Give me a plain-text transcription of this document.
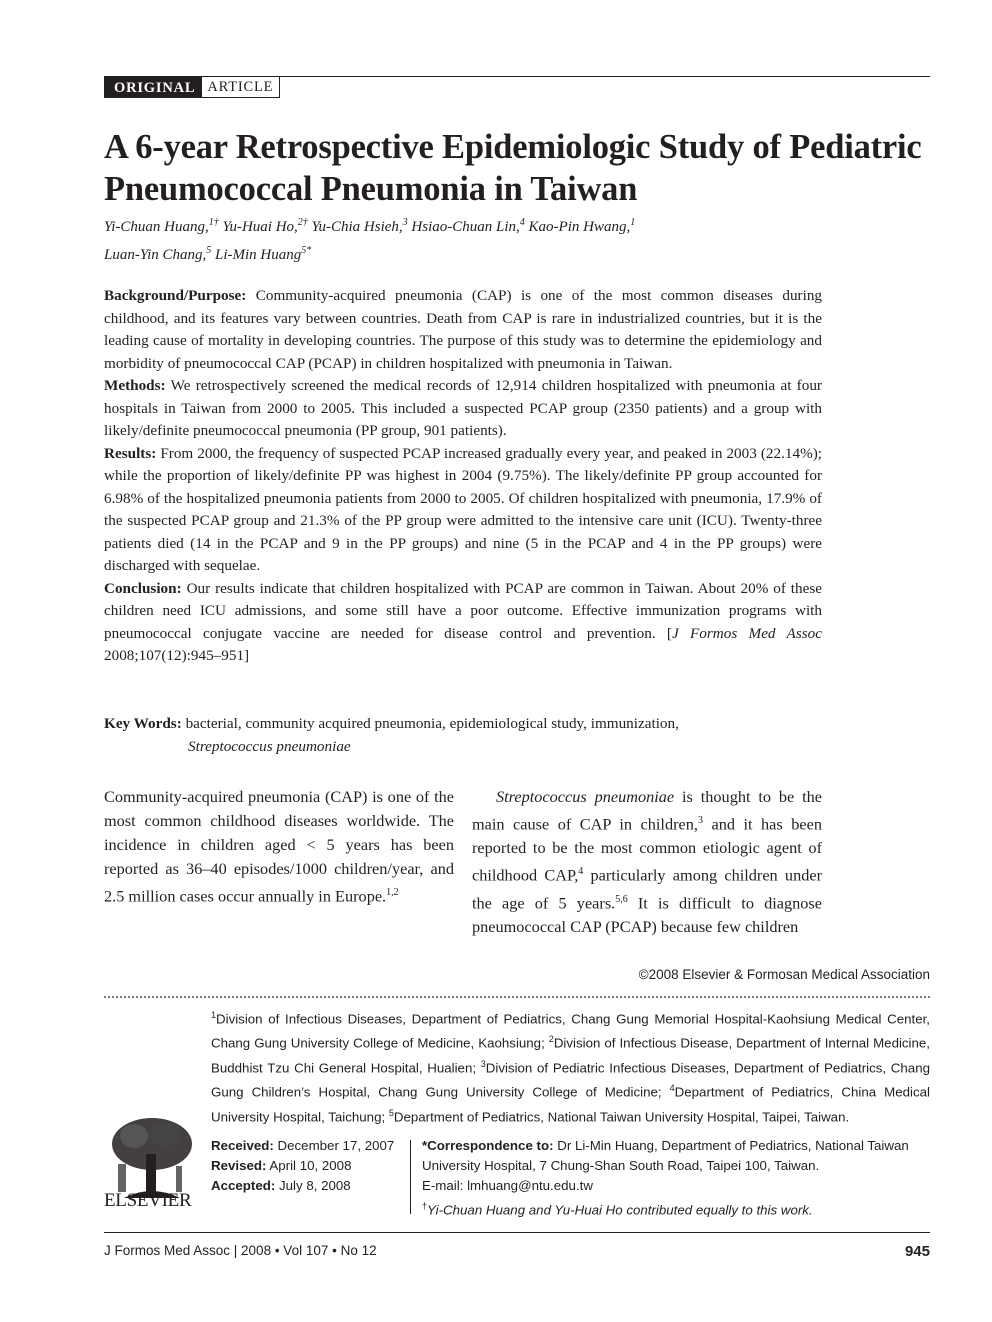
ORIGINAL ARTICLE
A 6-year Retrospective Epidemiologic Study of Pediatric Pneumococcal Pneumonia in Taiwan
Yi-Chuan Huang,$^{1\dagger}$ Yu-Huai Ho,$^{2\dagger}$ Yu-Chia Hsieh,$^3$ Hsiao-Chuan Lin,$^4$ Kao-Pin Hwang,$^1$
Luan-Yin Chang,$^5$ Li-Min Huang$^{5*}$

Background/Purpose: Community-acquired pneumonia (CAP) is one of the most common diseases during childhood, and its features vary between countries. Death from CAP is rare in industrialized countries, but it is the leading cause of mortality in developing countries. The purpose of this study was to determine the epidemiology and morbidity of pneumococcal CAP (PCAP) in children hospitalized with pneumonia in Taiwan.

Methods: We retrospectively screened the medical records of 12,914 children hospitalized with pneumonia at four hospitals in Taiwan from 2000 to 2005. This included a suspected PCAP group (2350 patients) and a group with likely/definite pneumococcal pneumonia (PP group, 901 patients).

Results: From 2000, the frequency of suspected PCAP increased gradually every year, and peaked in 2003 (22.14%); while the proportion of likely/definite PP was highest in 2004 (9.75%). The likely/definite PP group accounted for 6.98% of the hospitalized pneumonia patients from 2000 to 2005. Of children hospitalized with pneumonia, 17.9% of the suspected PCAP group and 21.3% of the PP group were admitted to the intensive care unit (ICU). Twenty-three patients died (14 in the PCAP and 9 in the PP groups) and nine (5 in the PCAP and 4 in the PP groups) were discharged with sequelae.

Conclusion: Our results indicate that children hospitalized with PCAP are common in Taiwan. About 20% of these children need ICU admissions, and some still have a poor outcome. Effective immunization programs with pneumococcal conjugate vaccine are needed for disease control and prevention. [J Formos Med Assoc 2008;107(12):945–951]

Key Words: bacterial, community acquired pneumonia, epidemiological study, immunization,
Streptococcus pneumoniae
Community-acquired pneumonia (CAP) is one of the most common childhood diseases worldwide. The incidence in children aged < 5 years has been reported as 36–40 episodes/1000 children/year, and 2.5 million cases occur annually in Europe.$^{1,2}$
Streptococcus pneumoniae is thought to be the main cause of CAP in children,$^3$ and it has been reported to be the most common etiologic agent of childhood CAP,$^4$ particularly among children under the age of 5 years.$^{5,6}$ It is difficult to diagnose pneumococcal CAP (PCAP) because few children
©2008 Elsevier & Formosan Medical Association
$^1$Division of Infectious Diseases, Department of Pediatrics, Chang Gung Memorial Hospital-Kaohsiung Medical Center, Chang Gung University College of Medicine, Kaohsiung; $^2$Division of Infectious Disease, Department of Internal Medicine, Buddhist Tzu Chi General Hospital, Hualien; $^3$Division of Pediatric Infectious Diseases, Department of Pediatrics, Chang Gung Children’s Hospital, Chang Gung University College of Medicine; $^4$Department of Pediatrics, China Medical University Hospital, Taichung; $^5$Department of Pediatrics, National Taiwan University Hospital, Taipei, Taiwan.
ELSEVIER
Received: December 17, 2007
Revised: April 10, 2008
Accepted: July 8, 2008
*Correspondence to: Dr Li-Min Huang, Department of Pediatrics, National Taiwan University Hospital, 7 Chung-Shan South Road, Taipei 100, Taiwan.
E-mail: lmhuang@ntu.edu.tw
†Yi-Chuan Huang and Yu-Huai Ho contributed equally to this work.
J Formos Med Assoc | 2008 • Vol 107 • No 12	945
